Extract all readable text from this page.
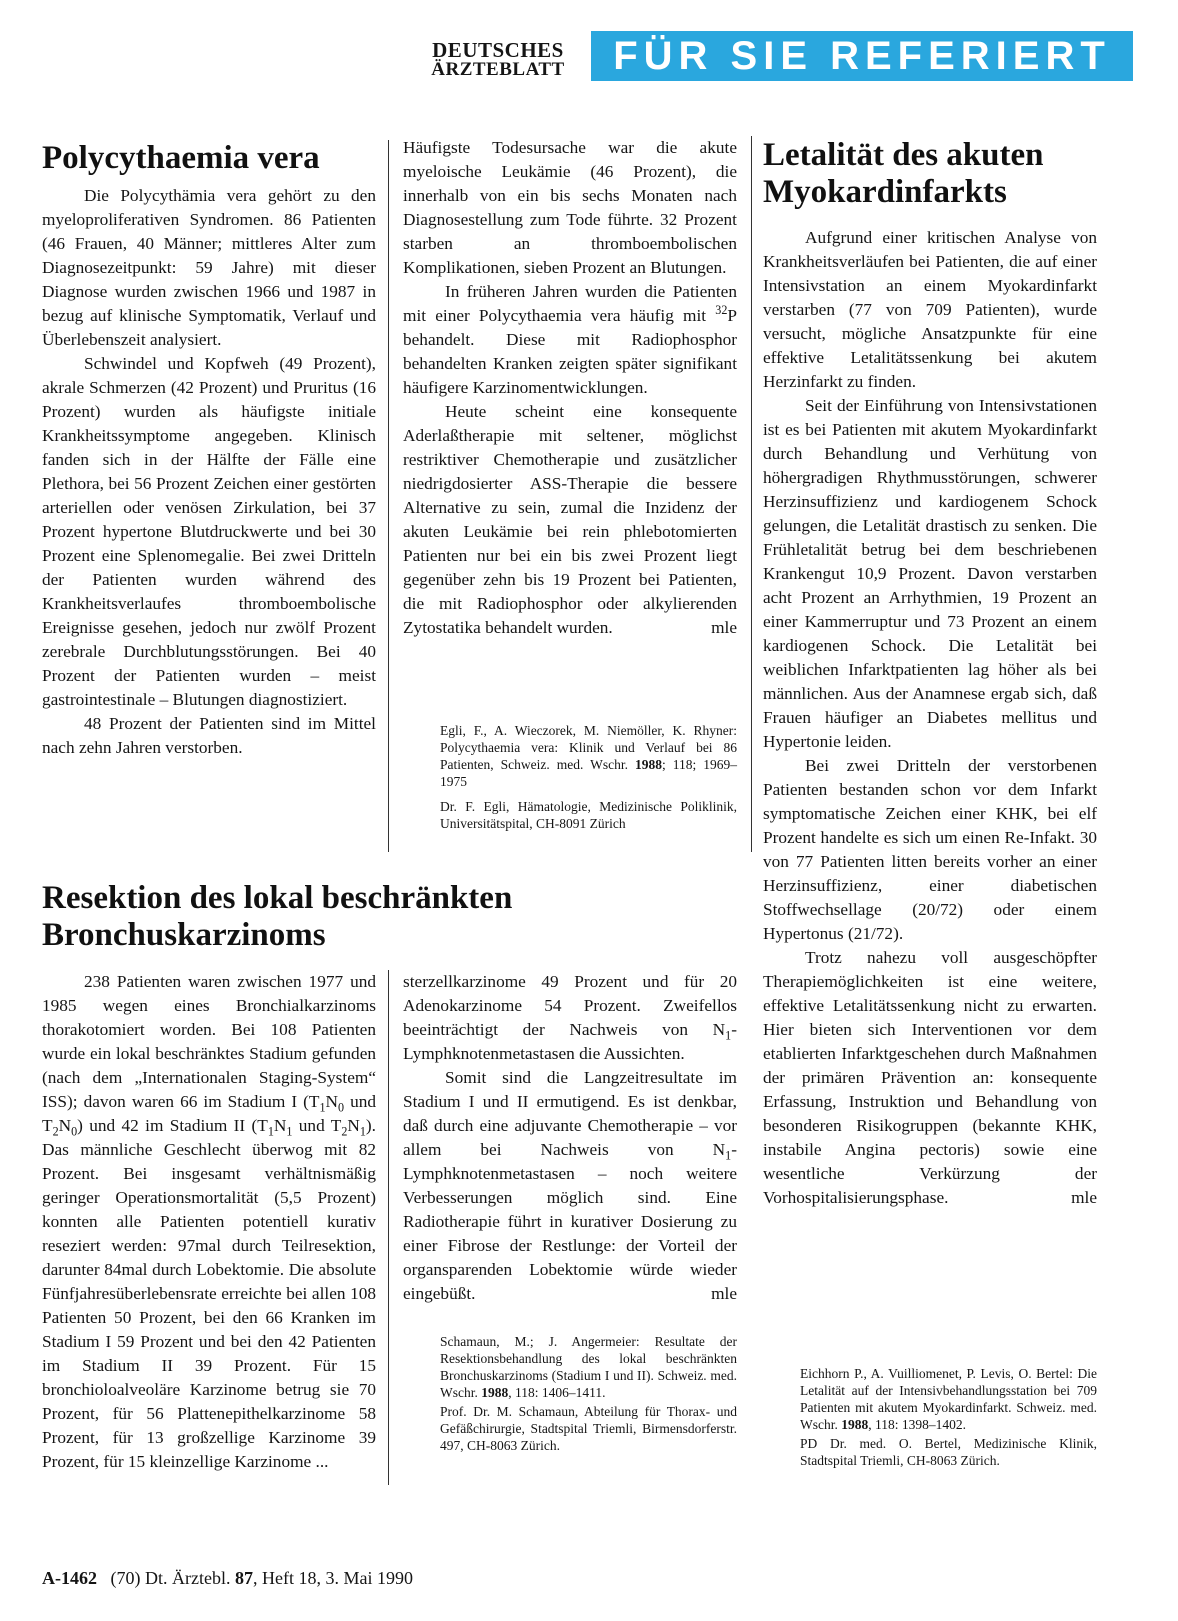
DEUTSCHES
ÄRZTEBLATT	FÜR SIE REFERIERT
Polycythaemia vera

Die Polycythämia vera gehört zu den myeloproliferativen Syndromen. 86 Patienten (46 Frauen, 40 Männer; mittleres Alter zum Diagnosezeitpunkt: 59 Jahre) mit dieser Diagnose wurden zwischen 1966 und 1987 in bezug auf klinische Symptomatik, Verlauf und Überlebenszeit analysiert.

Schwindel und Kopfweh (49 Prozent), akrale Schmerzen (42 Prozent) und Pruritus (16 Prozent) wurden als häufigste initiale Krankheitssymptome angegeben. Klinisch fanden sich in der Hälfte der Fälle eine Plethora, bei 56 Prozent Zeichen einer gestörten arteriellen oder venösen Zirkulation, bei 37 Prozent hypertone Blutdruckwerte und bei 30 Prozent eine Splenomegalie. Bei zwei Dritteln der Patienten wurden während des Krankheitsverlaufes thromboembolische Ereignisse gesehen, jedoch nur zwölf Prozent zerebrale Durchblutungsstörungen. Bei 40 Prozent der Patienten wurden – meist gastrointestinale – Blutungen diagnostiziert.

48 Prozent der Patienten sind im Mittel nach zehn Jahren verstorben.

Häufigste Todesursache war die akute myeloische Leukämie (46 Prozent), die innerhalb von ein bis sechs Monaten nach Diagnosestellung zum Tode führte. 32 Prozent starben an thromboembolischen Komplikationen, sieben Prozent an Blutungen.

In früheren Jahren wurden die Patienten mit einer Polycythaemia vera häufig mit $^{32}$P behandelt. Diese mit Radiophosphor behandelten Kranken zeigten später signifikant häufigere Karzinomentwicklungen.

Heute scheint eine konsequente Aderlaßtherapie mit seltener, möglichst restriktiver Chemotherapie und zusätzlicher niedrigdosierter ASS-Therapie die bessere Alternative zu sein, zumal die Inzidenz der akuten Leukämie bei rein phlebotomierten Patienten nur bei ein bis zwei Prozent liegt gegenüber zehn bis 19 Prozent bei Patienten, die mit Radiophosphor oder alkylierenden Zytostatika behandelt wurden.	mle

Egli, F., A. Wieczorek, M. Niemöller, K. Rhyner: Polycythaemia vera: Klinik und Verlauf bei 86 Patienten, Schweiz. med. Wschr. 1988; 118; 1969–1975

Dr. F. Egli, Hämatologie, Medizinische Poliklinik, Universitätspital, CH-8091 Zürich

Resektion des lokal beschränkten
Bronchuskarzinoms

238 Patienten waren zwischen 1977 und 1985 wegen eines Bronchialkarzinoms thorakotomiert worden. Bei 108 Patienten wurde ein lokal beschränktes Stadium gefunden (nach dem „Internationalen Staging-System“ ISS); davon waren 66 im Stadium I ($T_1N_0$ und $T_2N_0$) und 42 im Stadium II ($T_1N_1$ und $T_2N_1$). Das männliche Geschlecht überwog mit 82 Prozent. Bei insgesamt verhältnismäßig geringer Operationsmortalität (5,5 Prozent) konnten alle Patienten potentiell kurativ reseziert werden: 97mal durch Teilresektion, darunter 84mal durch Lobektomie. Die absolute Fünfjahresüberlebensrate erreichte bei allen 108 Patienten 50 Prozent, bei den 66 Kranken im Stadium I 59 Prozent und bei den 42 Patienten im Stadium II 39 Prozent. Für 15 bronchioloalveoläre Karzinome betrug sie 70 Prozent, für 56 Plattenepithelkarzinome 58 Prozent, für 13 großzellige Karzinome 39 Prozent, für 15 kleinzellige Karzinome ...

sterzellkarzinome 49 Prozent und für 20 Adenokarzinome 54 Prozent. Zweifellos beeinträchtigt der Nachweis von $N_1$-Lymphknotenmetastasen die Aussichten.

Somit sind die Langzeitresultate im Stadium I und II ermutigend. Es ist denkbar, daß durch eine adjuvante Chemotherapie – vor allem bei Nachweis von $N_1$-Lymphknotenmetastasen – noch weitere Verbesserungen möglich sind. Eine Radiotherapie führt in kurativer Dosierung zu einer Fibrose der Restlunge: der Vorteil der organsparenden Lobektomie würde wieder eingebüßt.	mle

Schamaun, M.; J. Angermeier: Resultate der Resektionsbehandlung des lokal beschränkten Bronchuskarzinoms (Stadium I und II). Schweiz. med. Wschr. 1988, 118: 1406–1411.

Prof. Dr. M. Schamaun, Abteilung für Thorax- und Gefäßchirurgie, Stadtspital Triemli, Birmensdorferstr. 497, CH-8063 Zürich.

Letalität des akuten
Myokardinfarkts

Aufgrund einer kritischen Analyse von Krankheitsverläufen bei Patienten, die auf einer Intensivstation an einem Myokardinfarkt verstarben (77 von 709 Patienten), wurde versucht, mögliche Ansatzpunkte für eine effektive Letalitätssenkung bei akutem Herzinfarkt zu finden.

Seit der Einführung von Intensivstationen ist es bei Patienten mit akutem Myokardinfarkt durch Behandlung und Verhütung von höhergradigen Rhythmusstörungen, schwerer Herzinsuffizienz und kardiogenem Schock gelungen, die Letalität drastisch zu senken. Die Frühletalität betrug bei dem beschriebenen Krankengut 10,9 Prozent. Davon verstarben acht Prozent an Arrhythmien, 19 Prozent an einer Kammerruptur und 73 Prozent an einem kardiogenen Schock. Die Letalität bei weiblichen Infarktpatienten lag höher als bei männlichen. Aus der Anamnese ergab sich, daß Frauen häufiger an Diabetes mellitus und Hypertonie leiden.

Bei zwei Dritteln der verstorbenen Patienten bestanden schon vor dem Infarkt symptomatische Zeichen einer KHK, bei elf Prozent handelte es sich um einen Re-Infakt. 30 von 77 Patienten litten bereits vorher an einer Herzinsuffizienz, einer diabetischen Stoffwechsellage (20/72) oder einem Hypertonus (21/72).

Trotz nahezu voll ausgeschöpfter Therapiemöglichkeiten ist eine weitere, effektive Letalitätssenkung nicht zu erwarten. Hier bieten sich Interventionen vor dem etablierten Infarktgeschehen durch Maßnahmen der primären Prävention an: konsequente Erfassung, Instruktion und Behandlung von besonderen Risikogruppen (bekannte KHK, instabile Angina pectoris) sowie eine wesentliche Verkürzung der Vorhospitalisierungsphase.	mle

Eichhorn P., A. Vuilliomenet, P. Levis, O. Bertel: Die Letalität auf der Intensivbehandlungsstation bei 709 Patienten mit akutem Myokardinfarkt. Schweiz. med. Wschr. 1988, 118: 1398–1402.

PD Dr. med. O. Bertel, Medizinische Klinik, Stadtspital Triemli, CH-8063 Zürich.

A-1462 (70) Dt. Ärztebl. 87, Heft 18, 3. Mai 1990
